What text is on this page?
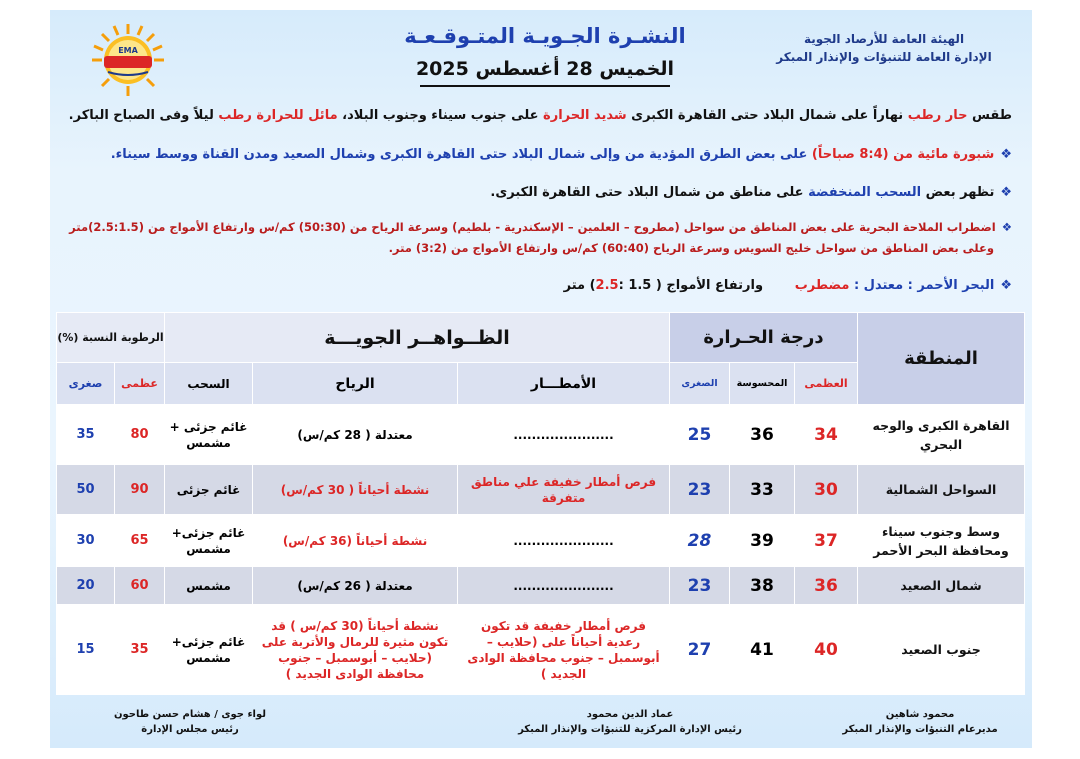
EMA
النشـرة الجـويـة المتـوقـعـة
الخميس 28 أغسطس 2025
الهيئة العامة للأرصاد الجوية
الإدارة العامة للتنبؤات والإنذار المبكر
طقس حار رطب نهاراً على شمال البلاد حتى القاهرة الكبرى شديد الحرارة على جنوب سيناء وجنوب البلاد، مائل للحرارة رطب ليلاً وفى الصباح الباكر.
❖شبورة مائية من (8:4 صباحاً) على بعض الطرق المؤدية من وإلى شمال البلاد حتى القاهرة الكبرى وشمال الصعيد ومدن القناة ووسط سيناء.
❖تظهر بعض السحب المنخفضة على مناطق من شمال البلاد حتى القاهرة الكبرى.
❖اضطراب الملاحة البحرية على بعض المناطق من سواحل (مطروح – العلمين – الإسكندرية - بلطيم) وسرعة الرياح من (50:30) كم/س وارتفاع الأمواج من (2.5:1.5)متر
وعلى بعض المناطق من سواحل خليج السويس وسرعة الرياح (60:40) كم/س وارتفاع الأمواج من (3:2) متر.
❖البحر الأحمر : معتدل : مضطرب       وارتفاع الأمواج ( 1.5 :2.5) متر
المنطقة	درجة الحـرارة			الظــواهــر الجويـــة			الرطوبة النسبة (%)	
	العظمى	المحسوسة	الصغرى	الأمطـــار	الرياح	السحب	عظمى	صغرى
القاهرة الكبرى والوجه البحري	34	36	25	......................	معتدلة ( 28 كم/س)	غائم جزئى + مشمس	80	35
السواحل الشمالية	30	33	23	فرص أمطار خفيفة علي مناطق متفرقة	نشطة أحياناً ( 30 كم/س)	غائم جزئى	90	50
وسط وجنوب سيناء ومحافظة البحر الأحمر	37	39	28	......................	نشطة أحياناً (36 كم/س)	غائم جزئى+ مشمس	65	30
شمال الصعيد	36	38	23	......................	معتدلة ( 26 كم/س)	مشمس	60	20
جنوب الصعيد	40	41	27	فرص أمطار خفيفة قد تكون رعدية أحياناً على (حلايب – أبوسمبل – جنوب محافظة الوادى الجديد )	نشطة أحياناً (30 كم/س ) قد تكون مثيرة للرمال والأتربة على (حلايب – أبوسمبل – جنوب محافظة الوادى الجديد )	غائم جزئى+ مشمس	35	15
محمود شاهين
مديرعام التنبؤات والإنذار المبكر
عماد الدين محمود
رئيس الإدارة المركزية للتنبؤات والإنذار المبكر
لواء جوى / هشام حسن طاحون
رئيس مجلس الإدارة
